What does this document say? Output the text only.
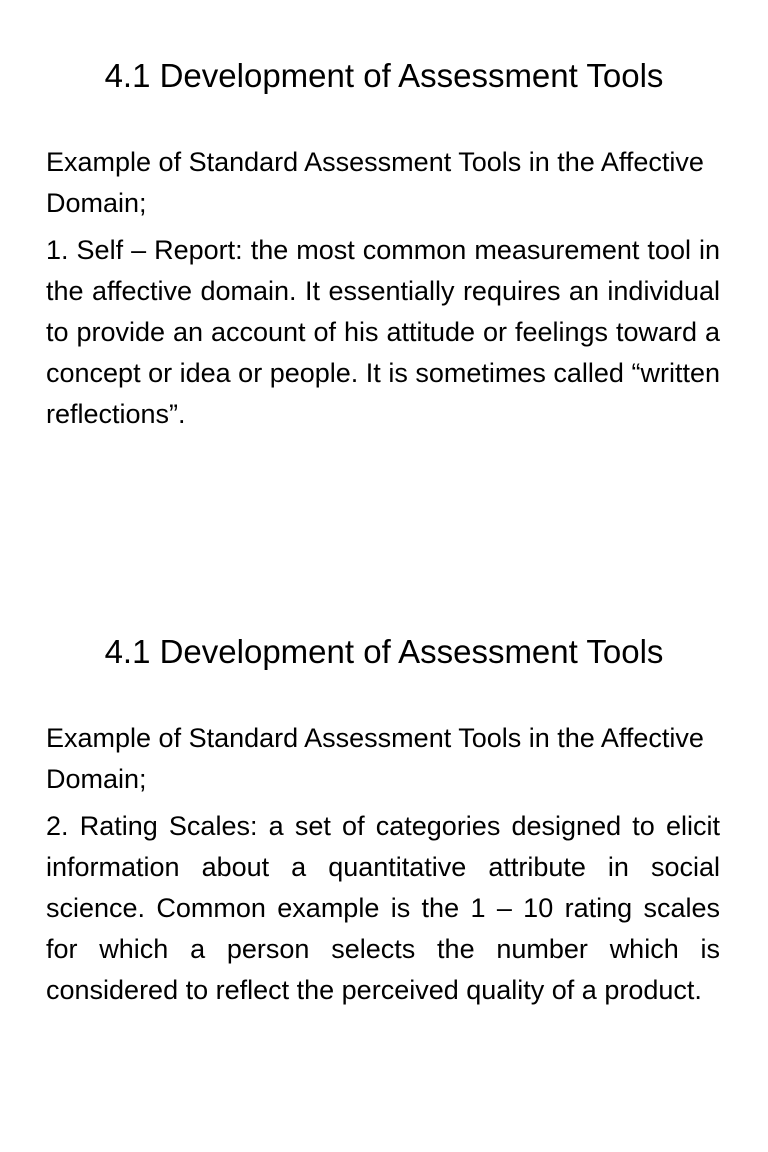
4.1 Development of Assessment Tools

Example of Standard Assessment Tools in the Affective Domain;

1. Self – Report: the most common measurement tool in the affective domain. It essentially requires an individual to provide an account of his attitude or feelings toward a concept or idea or people. It is sometimes called “written reflections”.

4.1 Development of Assessment Tools

Example of Standard Assessment Tools in the Affective Domain;

2. Rating Scales: a set of categories designed to elicit information about a quantitative attribute in social science. Common example is the 1 – 10 rating scales for which a person selects the number which is considered to reflect the perceived quality of a product.
